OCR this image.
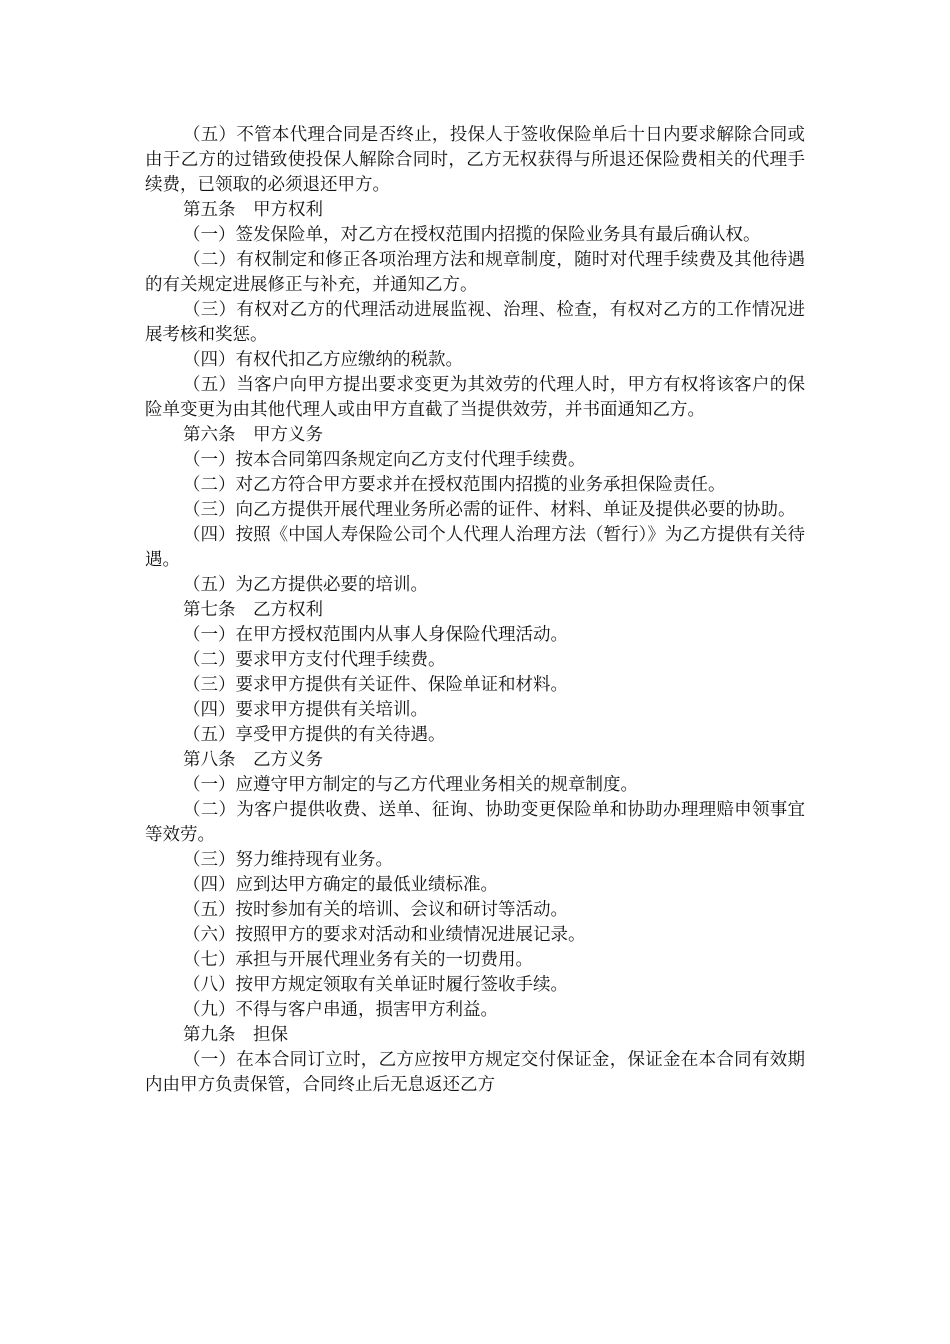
（五）不管本代理合同是否终止，投保人于签收保险单后十日内要求解除合同或由于乙方的过错致使投保人解除合同时，乙方无权获得与所退还保险费相关的代理手续费，已领取的必须退还甲方。

第五条　甲方权利

（一）签发保险单，对乙方在授权范围内招揽的保险业务具有最后确认权。

（二）有权制定和修正各项治理方法和规章制度，随时对代理手续费及其他待遇的有关规定进展修正与补充，并通知乙方。

（三）有权对乙方的代理活动进展监视、治理、检查，有权对乙方的工作情况进展考核和奖惩。

（四）有权代扣乙方应缴纳的税款。

（五）当客户向甲方提出要求变更为其效劳的代理人时，甲方有权将该客户的保险单变更为由其他代理人或由甲方直截了当提供效劳，并书面通知乙方。

第六条　甲方义务

（一）按本合同第四条规定向乙方支付代理手续费。

（二）对乙方符合甲方要求并在授权范围内招揽的业务承担保险责任。

（三）向乙方提供开展代理业务所必需的证件、材料、单证及提供必要的协助。

（四）按照《中国人寿保险公司个人代理人治理方法（暂行）》为乙方提供有关待遇。

（五）为乙方提供必要的培训。

第七条　乙方权利

（一）在甲方授权范围内从事人身保险代理活动。

（二）要求甲方支付代理手续费。

（三）要求甲方提供有关证件、保险单证和材料。

（四）要求甲方提供有关培训。

（五）享受甲方提供的有关待遇。

第八条　乙方义务

（一）应遵守甲方制定的与乙方代理业务相关的规章制度。

（二）为客户提供收费、送单、征询、协助变更保险单和协助办理理赔申领事宜等效劳。

（三）努力维持现有业务。

（四）应到达甲方确定的最低业绩标准。

（五）按时参加有关的培训、会议和研讨等活动。

（六）按照甲方的要求对活动和业绩情况进展记录。

（七）承担与开展代理业务有关的一切费用。

（八）按甲方规定领取有关单证时履行签收手续。

（九）不得与客户串通，损害甲方利益。

第九条　担保

（一）在本合同订立时，乙方应按甲方规定交付保证金，保证金在本合同有效期内由甲方负责保管，合同终止后无息返还乙方
